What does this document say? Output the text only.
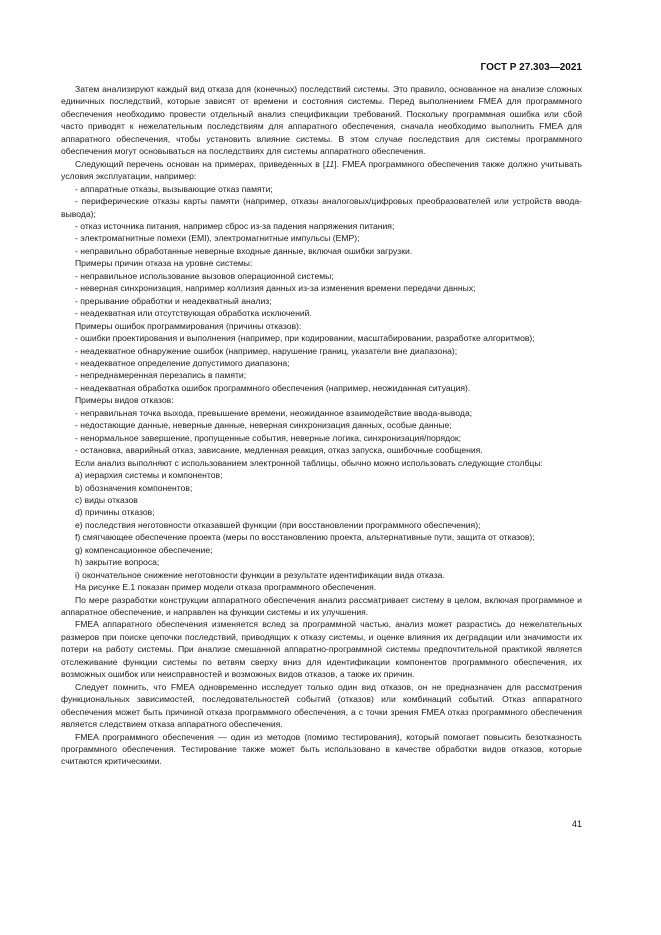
ГОСТ Р 27.303—2021

Затем анализируют каждый вид отказа для (конечных) последствий системы. Это правило, основанное на анализе сложных единичных последствий, которые зависят от времени и состояния системы. Перед выполнением FMEA для программного обеспечения необходимо провести отдельный анализ спецификации требований. Поскольку программная ошибка или сбой часто приводят к нежелательным последствиям для аппаратного обеспечения, сначала необходимо выполнить FMEA для аппаратного обеспечения, чтобы установить влияние системы. В этом случае последствия для системы программного обеспечения могут основываться на последствиях для системы аппаратного обеспечения.

Следующий перечень основан на примерах, приведенных в [11]. FMEA программного обеспечения также должно учитывать условия эксплуатации, например:

- аппаратные отказы, вызывающие отказ памяти;

- периферические отказы карты памяти (например, отказы аналоговых/цифровых преобразователей или устройств ввода-вывода);

- отказ источника питания, например сброс из-за падения напряжения питания;

- электромагнитные помехи (EMI), электромагнитные импульсы (EMP);

- неправильно обработанные неверные входные данные, включая ошибки загрузки.

Примеры причин отказа на уровне системы:

- неправильное использование вызовов операционной системы;

- неверная синхронизация, например коллизия данных из-за изменения времени передачи данных;

- прерывание обработки и неадекватный анализ;

- неадекватная или отсутствующая обработка исключений.

Примеры ошибок программирования (причины отказов):

- ошибки проектирования и выполнения (например, при кодировании, масштабировании, разработке алгоритмов);

- неадекватное обнаружение ошибок (например, нарушение границ, указатели вне диапазона);

- неадекватное определение допустимого диапазона;

- непреднамеренная перезапись в памяти;

- неадекватная обработка ошибок программного обеспечения (например, неожиданная ситуация).

Примеры видов отказов:

- неправильная точка выхода, превышение времени, неожиданное взаимодействие ввода-вывода;

- недостающие данные, неверные данные, неверная синхронизация данных, особые данные;

- ненормальное завершение, пропущенные события, неверные логика, синхронизация/порядок;

- остановка, аварийный отказ, зависание, медленная реакция, отказ запуска, ошибочные сообщения.

Если анализ выполняют с использованием электронной таблицы, обычно можно использовать следующие столбцы:

a) иерархия системы и компонентов;

b) обозначения компонентов;

c) виды отказов

d) причины отказов;

e) последствия неготовности отказавшей функции (при восстановлении программного обеспечения);

f) смягчающее обеспечение проекта (меры по восстановлению проекта, альтернативные пути, защита от отказов);

g) компенсационное обеспечение;

h) закрытие вопроса;

i) окончательное снижение неготовности функции в результате идентификации вида отказа.

На рисунке Е.1 показан пример модели отказа программного обеспечения.

По мере разработки конструкции аппаратного обеспечения анализ рассматривает систему в целом, включая программное и аппаратное обеспечение, и направлен на функции системы и их улучшения.

FMEA аппаратного обеспечения изменяется вслед за программной частью, анализ может разрастись до нежелательных размеров при поиске цепочки последствий, приводящих к отказу системы, и оценке влияния их деградации или значимости их потери на работу системы. При анализе смешанной аппаратно-программной системы предпочтительной практикой является отслеживание функции системы по ветвям сверху вниз для идентификации компонентов программного обеспечения, их возможных ошибок или неисправностей и возможных видов отказов, а также их причин.

Следует помнить, что FMEA одновременно исследует только один вид отказов, он не предназначен для рассмотрения функциональных зависимостей, последовательностей событий (отказов) или комбинаций событий. Отказ аппаратного обеспечения может быть причиной отказа программного обеспечения, а с точки зрения FMEA отказ программного обеспечения является следствием отказа аппаратного обеспечения.

FMEA программного обеспечения — один из методов (помимо тестирования), который помогает повысить безотказность программного обеспечения. Тестирование также может быть использовано в качестве обработки видов отказов, которые считаются критическими.

41
